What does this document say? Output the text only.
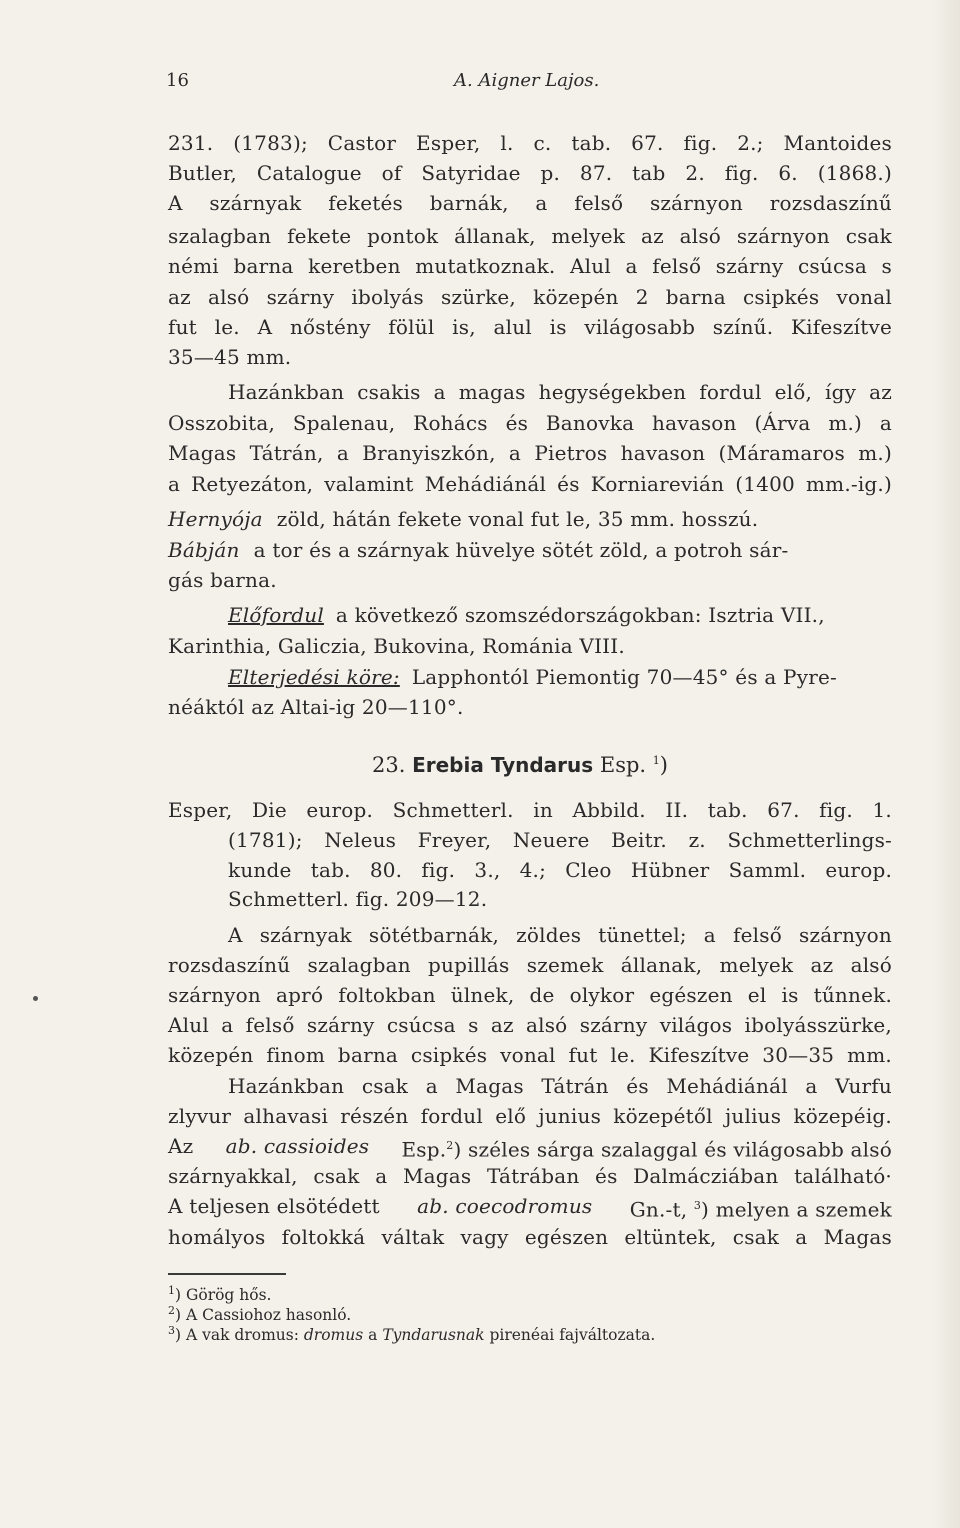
16	A. Aigner Lajos.
231. (1783); Castor Esper, l. c. tab. 67. fig. 2.; Mantoides
Butler, Catalogue of Satyridae p. 87. tab 2. fig. 6. (1868.)
A szárnyak feketés barnák, a felső szárnyon rozsdaszínű
szalagban fekete pontok állanak, melyek az alsó szárnyon csak
némi barna keretben mutatkoznak. Alul a felső szárny csúcsa s
az alsó szárny ibolyás szürke, közepén 2 barna csipkés vonal
fut le. A nőstény fölül is, alul is világosabb színű. Kifeszítve
35—45 mm.
Hazánkban csakis a magas hegységekben fordul elő, így az
Osszobita, Spalenau, Rohács és Banovka havason (Árva m.) a
Magas Tátrán, a Branyiszkón, a Pietros havason (Máramaros m.)
a Retyezáton, valamint Mehádiánál és Korniarevián (1400 mm.-ig.)
Hernyója zöld, hátán fekete vonal fut le, 35 mm. hosszú.
Bábján a tor és a szárnyak hüvelye sötét zöld, a potroh sár-
gás barna.
Előfordul a következő szomszédországokban: Isztria VII.,
Karinthia, Galiczia, Bukovina, Románia VIII.
Elterjedési köre: Lapphontól Piemontig 70—45° és a Pyre-
néáktól az Altai-ig 20—110°.
23. Erebia Tyndarus Esp. $^1$)
Esper, Die europ. Schmetterl. in Abbild. II. tab. 67. fig. 1.
(1781); Neleus Freyer, Neuere Beitr. z. Schmetterlings-
kunde tab. 80. fig. 3., 4.; Cleo Hübner Samml. europ.
Schmetterl. fig. 209—12.
A szárnyak sötétbarnák, zöldes tünettel; a felső szárnyon
rozsdaszínű szalagban pupillás szemek állanak, melyek az alsó
szárnyon apró foltokban ülnek, de olykor egészen el is tűnnek.
Alul a felső szárny csúcsa s az alsó szárny világos ibolyásszürke,
közepén finom barna csipkés vonal fut le. Kifeszítve 30—35 mm.
Hazánkban csak a Magas Tátrán és Mehádiánál a Vurfu
zlyvur alhavasi részén fordul elő junius közepétől julius közepéig.
Az ab. cassioides Esp.$^2$) széles sárga szalaggal és világosabb alsó
szárnyakkal, csak a Magas Tátrában és Dalmácziában található·
A teljesen elsötédett ab. coecodromus Gn.-t, $^3$) melyen a szemek
homályos foltokká váltak vagy egészen eltüntek, csak a Magas
$^1$) Görög hős.
$^2$) A Cassiohoz hasonló.
$^3$) A vak dromus: dromus a Tyndarusnak pirenéai fajváltozata.
